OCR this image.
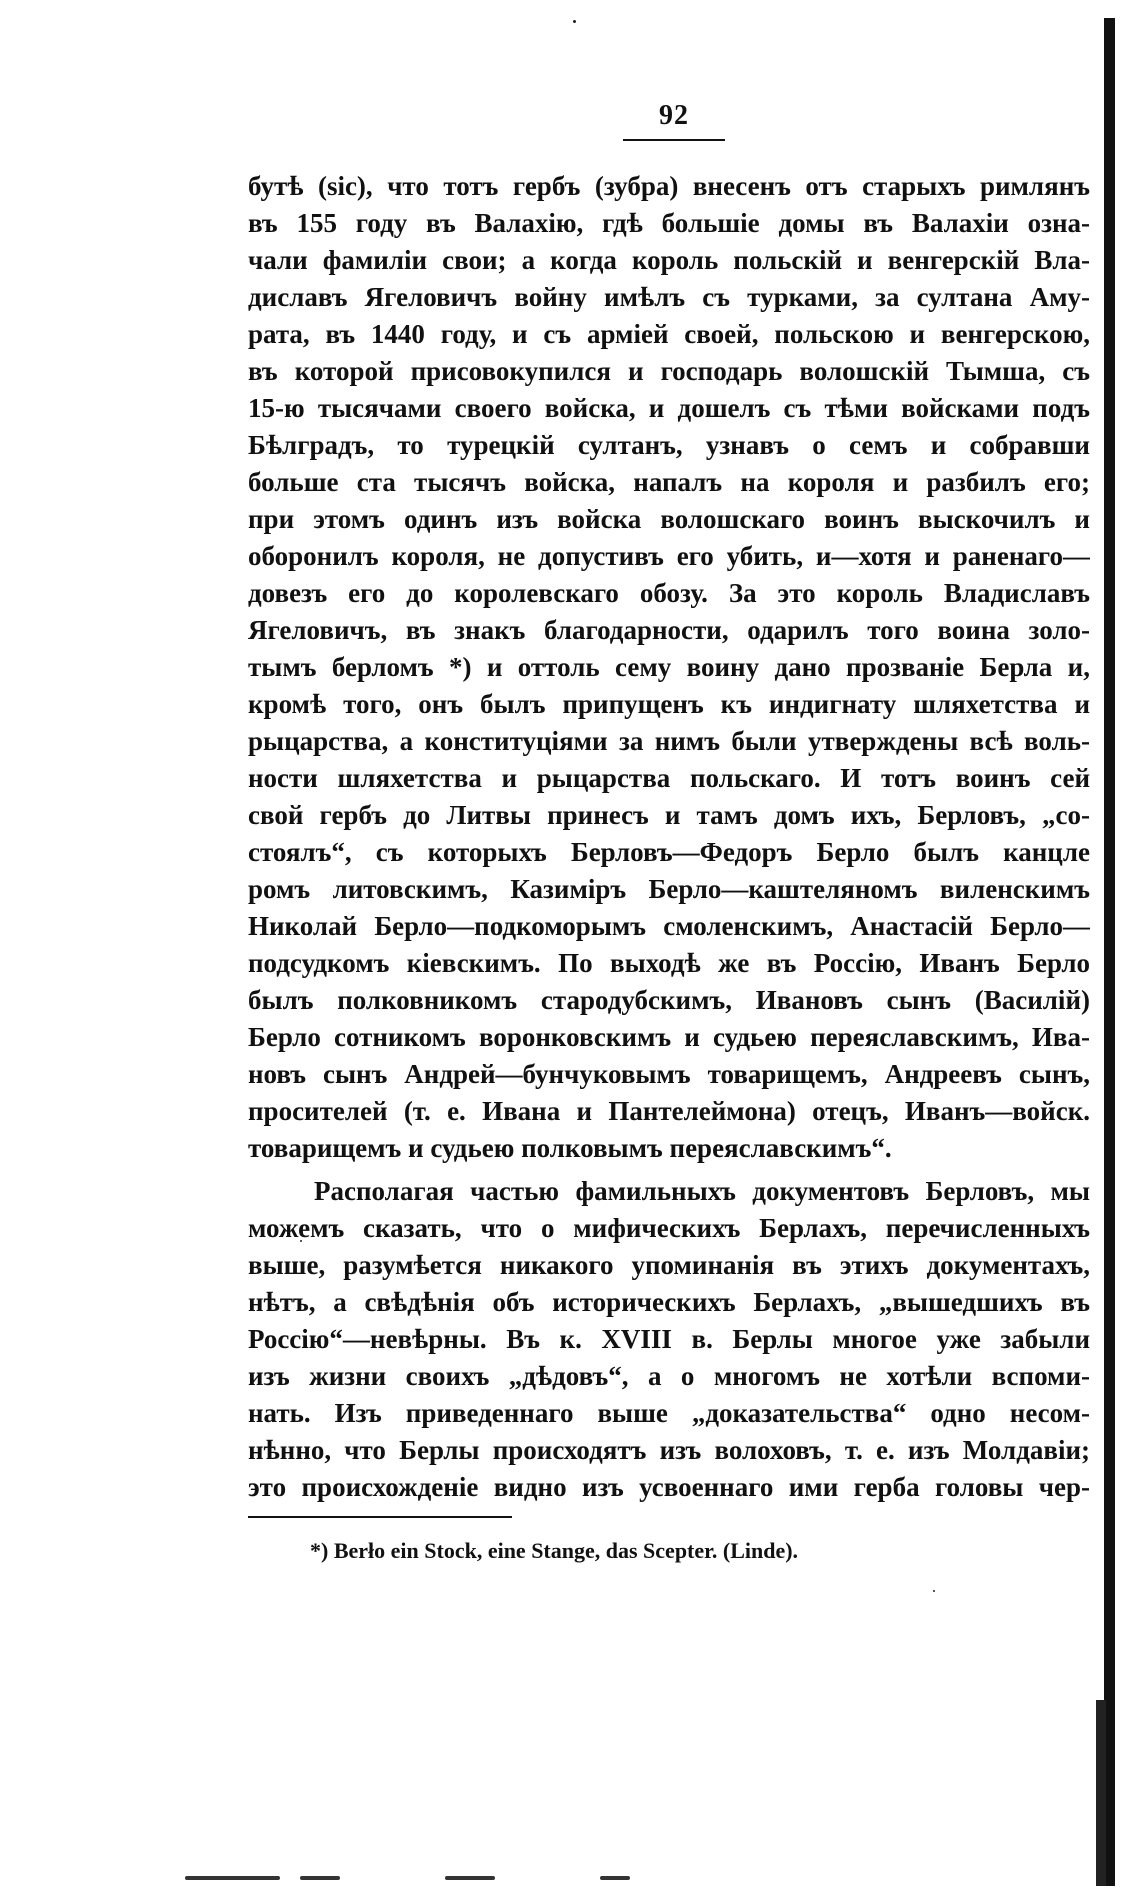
92
бутѣ (sic), что тотъ гербъ (зубра) внесенъ отъ старыхъ римлянъ
въ 155 году въ Валахію, гдѣ большіе домы въ Валахіи озна-
чали фамиліи свои; а когда король польскій и венгерскій Вла-
диславъ Ягеловичъ войну имѣлъ съ турками, за султана Аму-
рата, въ 1440 году, и съ арміей своей, польскою и венгерскою,
въ которой присовокупился и господарь волошскій Тымша, съ
15-ю тысячами своего войска, и дошелъ съ тѣми войсками подъ
Бѣлградъ, то турецкій султанъ, узнавъ о семъ и собравши
больше ста тысячъ войска, напалъ на короля и разбилъ его;
при этомъ одинъ изъ войска волошскаго воинъ выскочилъ и
оборонилъ короля, не допустивъ его убить, и—хотя и раненаго—
довезъ его до королевскаго обозу. За это король Владиславъ
Ягеловичъ, въ знакъ благодарности, одарилъ того воина золо-
тымъ берломъ *) и оттоль сему воину дано прозваніе Берла и,
кромѣ того, онъ былъ припущенъ къ индигнату шляхетства и
рыцарства, а конституціями за нимъ были утверждены всѣ воль-
ности шляхетства и рыцарства польскаго. И тотъ воинъ сей
свой гербъ до Литвы принесъ и тамъ домъ ихъ, Берловъ, „со-
стоялъ“, съ которыхъ Берловъ—Федоръ Берло былъ канцле
ромъ литовскимъ, Казиміръ Берло—каштеляномъ виленскимъ
Николай Берло—подкоморымъ смоленскимъ, Анастасій Берло—
подсудкомъ кіевскимъ. По выходѣ же въ Россію, Иванъ Берло
былъ полковникомъ стародубскимъ, Ивановъ сынъ (Василій)
Берло сотникомъ воронковскимъ и судьею переяславскимъ, Ива-
новъ сынъ Андрей—бунчуковымъ товарищемъ, Андреевъ сынъ,
просителей (т. е. Ивана и Пантелеймона) отецъ, Иванъ—войск.
товарищемъ и судьею полковымъ переяславскимъ“.
Располагая частью фамильныхъ документовъ Берловъ, мы
можемъ сказать, что о мифическихъ Берлахъ, перечисленныхъ
выше, разумѣется никакого упоминанія въ этихъ документахъ,
нѣтъ, а свѣдѣнія объ историческихъ Берлахъ, „вышедшихъ въ
Россію“—невѣрны. Въ к. XVIII в. Берлы многое уже забыли
изъ жизни своихъ „дѣдовъ“, а о многомъ не хотѣли вспоми-
нать. Изъ приведеннаго выше „доказательства“ одно несом-
нѣнно, что Берлы происходятъ изъ волоховъ, т. е. изъ Молдавіи;
это происхожденіе видно изъ усвоеннаго ими герба головы чер-
*) Berło ein Stock, eine Stange, das Scepter. (Linde).
